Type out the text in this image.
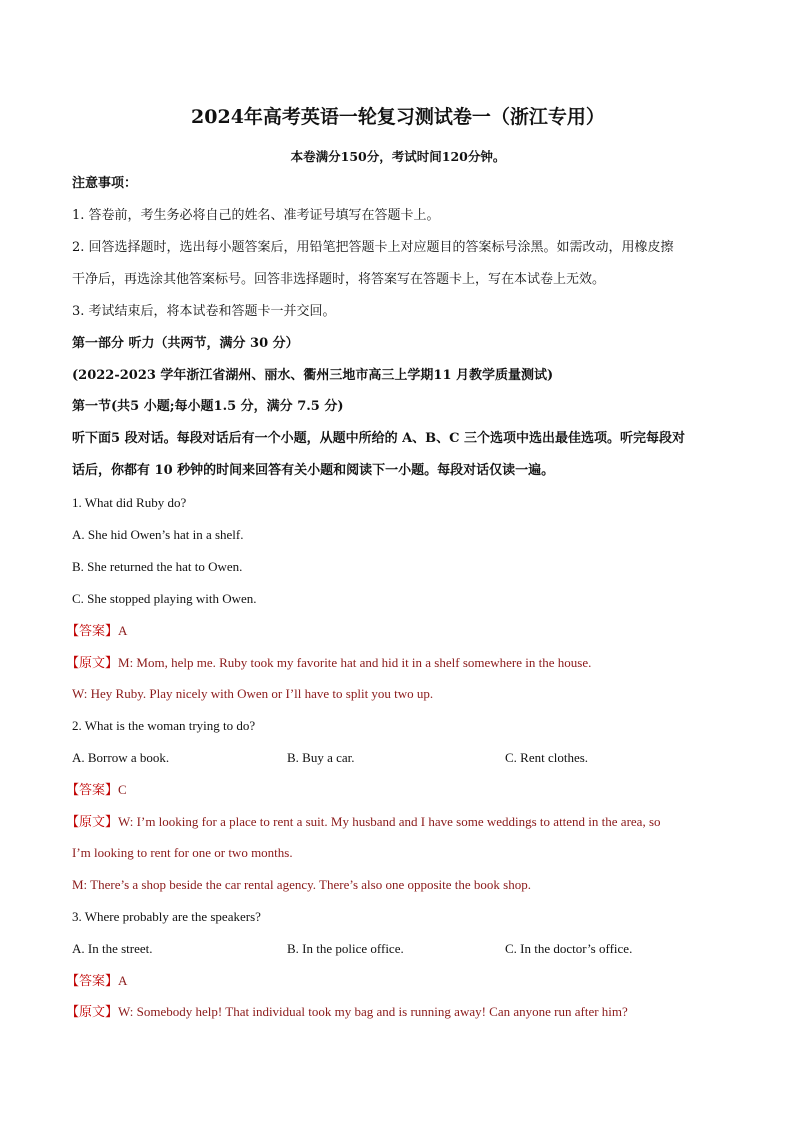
2024年高考英语一轮复习测试卷一（浙江专用）
本卷满分150分，考试时间120分钟。
注意事项：
1. 答卷前，考生务必将自己的姓名、准考证号填写在答题卡上。
2. 回答选择题时，选出每小题答案后，用铅笔把答题卡上对应题目的答案标号涂黑。如需改动，用橡皮擦
干净后，再选涂其他答案标号。回答非选择题时，将答案写在答题卡上，写在本试卷上无效。
3. 考试结束后，将本试卷和答题卡一并交回。
第一部分 听力（共两节，满分 30 分）
(2022-2023 学年浙江省湖州、丽水、衢州三地市高三上学期11 月教学质量测试)
第一节(共5 小题;每小题1.5 分，满分 7.5 分)
听下面5 段对话。每段对话后有一个小题，从题中所给的 A、B、C 三个选项中选出最佳选项。听完每段对
话后，你都有 10 秒钟的时间来回答有关小题和阅读下一小题。每段对话仅读一遍。
1. What did Ruby do?
A. She hid Owen’s hat in a shelf.
B. She returned the hat to Owen.
C. She stopped playing with Owen.
【答案】A
【原文】M: Mom, help me. Ruby took my favorite hat and hid it in a shelf somewhere in the house.
W: Hey Ruby. Play nicely with Owen or I’ll have to split you two up.
2. What is the woman trying to do?
A. Borrow a book.	B. Buy a car.	C. Rent clothes.
【答案】C
【原文】W: I’m looking for a place to rent a suit. My husband and I have some weddings to attend in the area, so
I’m looking to rent for one or two months.
M: There’s a shop beside the car rental agency. There’s also one opposite the book shop.
3. Where probably are the speakers?
A. In the street.	B. In the police office.	C. In the doctor’s office.
【答案】A
【原文】W: Somebody help! That individual took my bag and is running away! Can anyone run after him?
